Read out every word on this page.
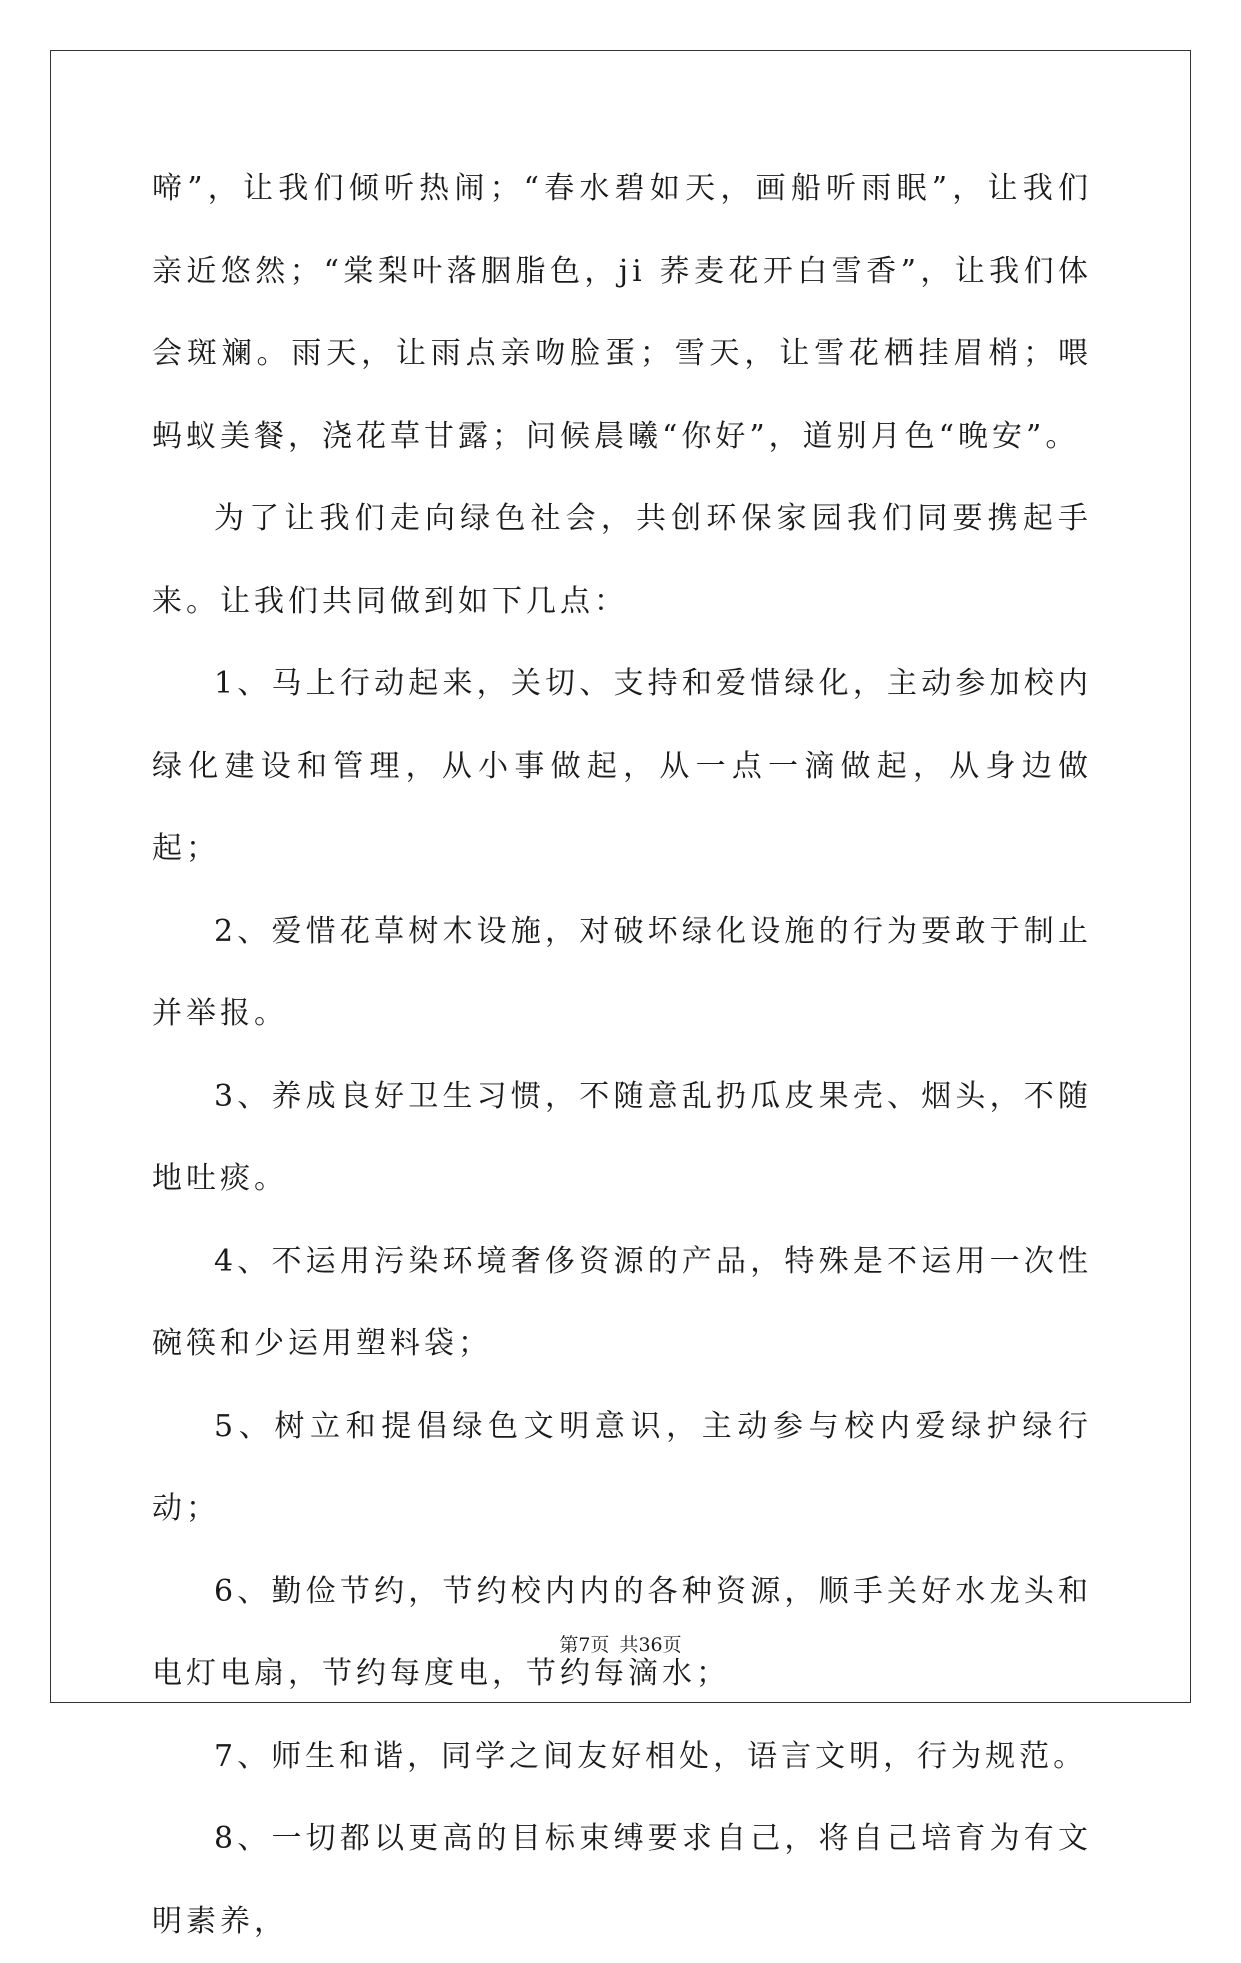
啼”，让我们倾听热闹；“春水碧如天，画船听雨眠”，让我们亲近悠然；“棠梨叶落胭脂色，ji 荞麦花开白雪香”，让我们体会斑斓。雨天，让雨点亲吻脸蛋；雪天，让雪花栖挂眉梢；喂蚂蚁美餐，浇花草甘露；问候晨曦“你好”，道别月色“晚安”。

为了让我们走向绿色社会，共创环保家园我们同要携起手来。让我们共同做到如下几点：

1、马上行动起来，关切、支持和爱惜绿化，主动参加校内绿化建设和管理，从小事做起，从一点一滴做起，从身边做起；

2、爱惜花草树木设施，对破坏绿化设施的行为要敢于制止并举报。

3、养成良好卫生习惯，不随意乱扔瓜皮果壳、烟头，不随地吐痰。

4、不运用污染环境奢侈资源的产品，特殊是不运用一次性碗筷和少运用塑料袋；

5、树立和提倡绿色文明意识，主动参与校内爱绿护绿行动；

6、勤俭节约，节约校内内的各种资源，顺手关好水龙头和电灯电扇，节约每度电，节约每滴水；

7、师生和谐，同学之间友好相处，语言文明，行为规范。

8、一切都以更高的目标束缚要求自己，将自己培育为有文明素养，

第7页 共36页
